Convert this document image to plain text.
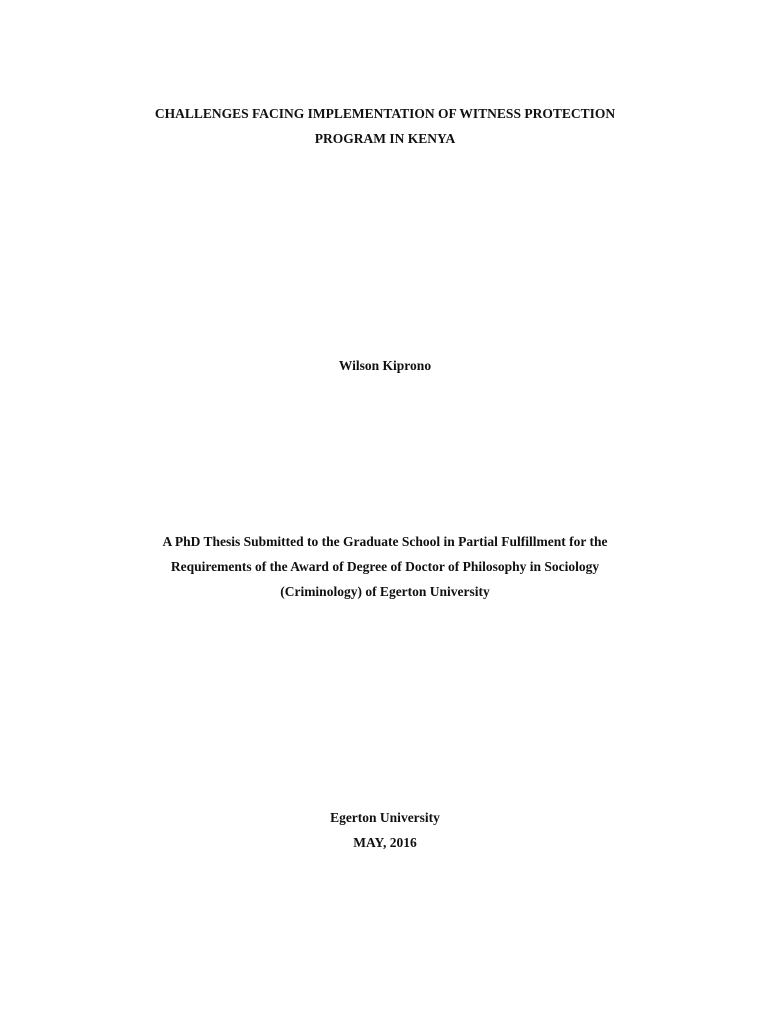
CHALLENGES FACING IMPLEMENTATION OF WITNESS PROTECTION
PROGRAM IN KENYA
Wilson Kiprono
A PhD Thesis Submitted to the Graduate School in Partial Fulfillment for the
Requirements of the Award of Degree of Doctor of Philosophy in Sociology
(Criminology) of Egerton University
Egerton University
MAY, 2016
